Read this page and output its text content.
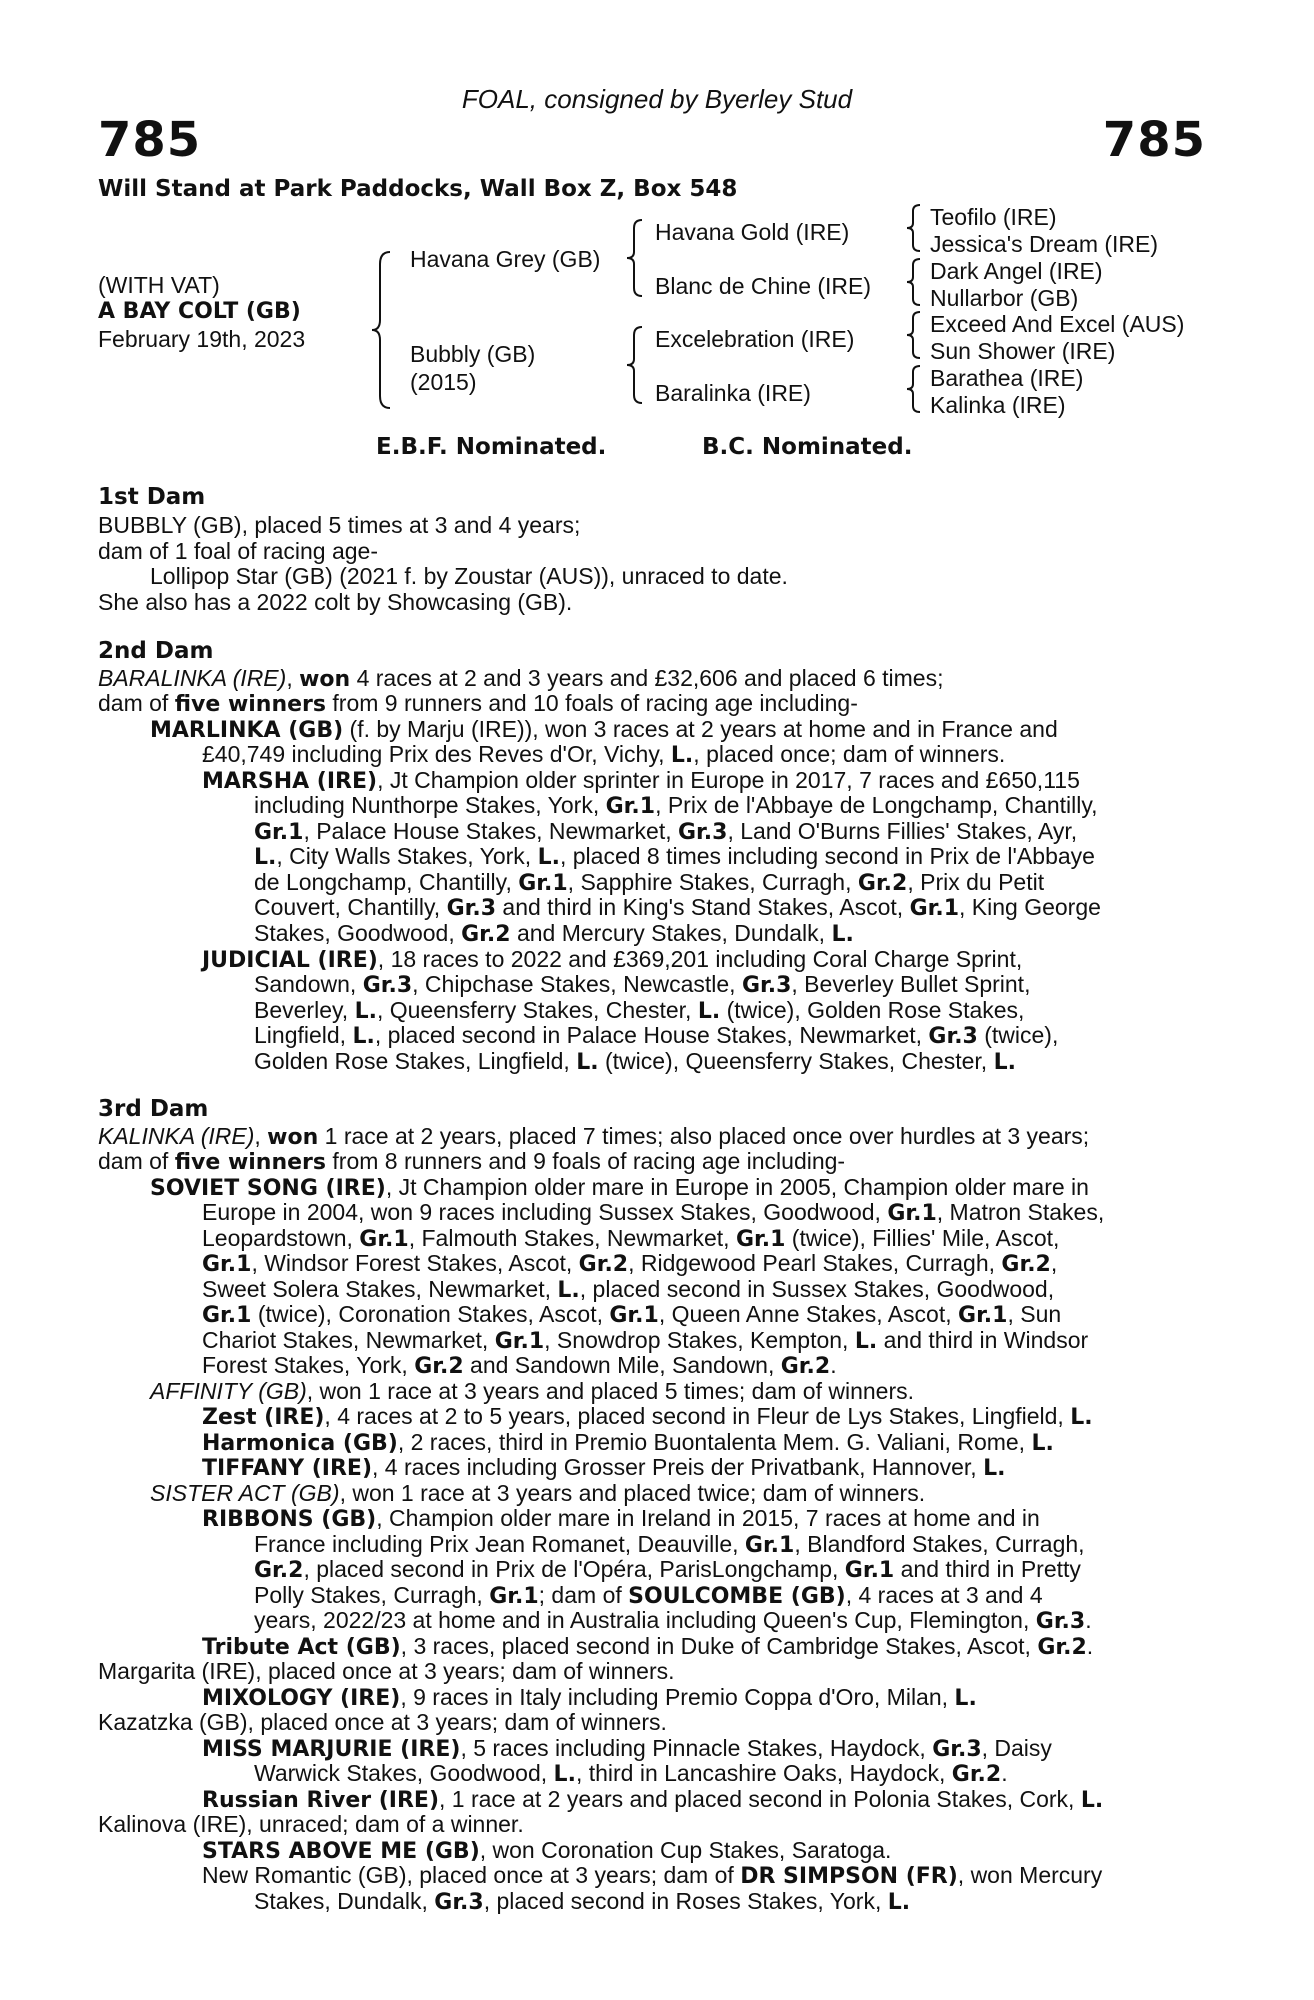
FOAL, consigned by Byerley Stud
785	785
Will Stand at Park Paddocks, Wall Box Z, Box 548
(WITH VAT)
A BAY COLT (GB)
February 19th, 2023
Havana Grey (GB)
Bubbly (GB)
(2015)
Havana Gold (IRE)
Blanc de Chine (IRE)
Excelebration (IRE)
Baralinka (IRE)
Teofilo (IRE)
Jessica's Dream (IRE)
Dark Angel (IRE)
Nullarbor (GB)
Exceed And Excel (AUS)
Sun Shower (IRE)
Barathea (IRE)
Kalinka (IRE)
E.B.F. Nominated.	B.C. Nominated.
1st Dam
BUBBLY (GB), placed 5 times at 3 and 4 years;
dam of 1 foal of racing age-
Lollipop Star (GB) (2021 f. by Zoustar (AUS)), unraced to date.
She also has a 2022 colt by Showcasing (GB).
2nd Dam
BARALINKA (IRE), won 4 races at 2 and 3 years and £32,606 and placed 6 times;
dam of five winners from 9 runners and 10 foals of racing age including-
MARLINKA (GB) (f. by Marju (IRE)), won 3 races at 2 years at home and in France and
£40,749 including Prix des Reves d'Or, Vichy, L., placed once; dam of winners.
MARSHA (IRE), Jt Champion older sprinter in Europe in 2017, 7 races and £650,115
including Nunthorpe Stakes, York, Gr.1, Prix de l'Abbaye de Longchamp, Chantilly,
Gr.1, Palace House Stakes, Newmarket, Gr.3, Land O'Burns Fillies' Stakes, Ayr,
L., City Walls Stakes, York, L., placed 8 times including second in Prix de l'Abbaye
de Longchamp, Chantilly, Gr.1, Sapphire Stakes, Curragh, Gr.2, Prix du Petit
Couvert, Chantilly, Gr.3 and third in King's Stand Stakes, Ascot, Gr.1, King George
Stakes, Goodwood, Gr.2 and Mercury Stakes, Dundalk, L.
JUDICIAL (IRE), 18 races to 2022 and £369,201 including Coral Charge Sprint,
Sandown, Gr.3, Chipchase Stakes, Newcastle, Gr.3, Beverley Bullet Sprint,
Beverley, L., Queensferry Stakes, Chester, L. (twice), Golden Rose Stakes,
Lingfield, L., placed second in Palace House Stakes, Newmarket, Gr.3 (twice),
Golden Rose Stakes, Lingfield, L. (twice), Queensferry Stakes, Chester, L.
3rd Dam
KALINKA (IRE), won 1 race at 2 years, placed 7 times; also placed once over hurdles at 3 years;
dam of five winners from 8 runners and 9 foals of racing age including-
SOVIET SONG (IRE), Jt Champion older mare in Europe in 2005, Champion older mare in
Europe in 2004, won 9 races including Sussex Stakes, Goodwood, Gr.1, Matron Stakes,
Leopardstown, Gr.1, Falmouth Stakes, Newmarket, Gr.1 (twice), Fillies' Mile, Ascot,
Gr.1, Windsor Forest Stakes, Ascot, Gr.2, Ridgewood Pearl Stakes, Curragh, Gr.2,
Sweet Solera Stakes, Newmarket, L., placed second in Sussex Stakes, Goodwood,
Gr.1 (twice), Coronation Stakes, Ascot, Gr.1, Queen Anne Stakes, Ascot, Gr.1, Sun
Chariot Stakes, Newmarket, Gr.1, Snowdrop Stakes, Kempton, L. and third in Windsor
Forest Stakes, York, Gr.2 and Sandown Mile, Sandown, Gr.2.
AFFINITY (GB), won 1 race at 3 years and placed 5 times; dam of winners.
Zest (IRE), 4 races at 2 to 5 years, placed second in Fleur de Lys Stakes, Lingfield, L.
Harmonica (GB), 2 races, third in Premio Buontalenta Mem. G. Valiani, Rome, L.
TIFFANY (IRE), 4 races including Grosser Preis der Privatbank, Hannover, L.
SISTER ACT (GB), won 1 race at 3 years and placed twice; dam of winners.
RIBBONS (GB), Champion older mare in Ireland in 2015, 7 races at home and in
France including Prix Jean Romanet, Deauville, Gr.1, Blandford Stakes, Curragh,
Gr.2, placed second in Prix de l'Opéra, ParisLongchamp, Gr.1 and third in Pretty
Polly Stakes, Curragh, Gr.1; dam of SOULCOMBE (GB), 4 races at 3 and 4
years, 2022/23 at home and in Australia including Queen's Cup, Flemington, Gr.3.
Tribute Act (GB), 3 races, placed second in Duke of Cambridge Stakes, Ascot, Gr.2.
Margarita (IRE), placed once at 3 years; dam of winners.
MIXOLOGY (IRE), 9 races in Italy including Premio Coppa d'Oro, Milan, L.
Kazatzka (GB), placed once at 3 years; dam of winners.
MISS MARJURIE (IRE), 5 races including Pinnacle Stakes, Haydock, Gr.3, Daisy
Warwick Stakes, Goodwood, L., third in Lancashire Oaks, Haydock, Gr.2.
Russian River (IRE), 1 race at 2 years and placed second in Polonia Stakes, Cork, L.
Kalinova (IRE), unraced; dam of a winner.
STARS ABOVE ME (GB), won Coronation Cup Stakes, Saratoga.
New Romantic (GB), placed once at 3 years; dam of DR SIMPSON (FR), won Mercury
Stakes, Dundalk, Gr.3, placed second in Roses Stakes, York, L.
